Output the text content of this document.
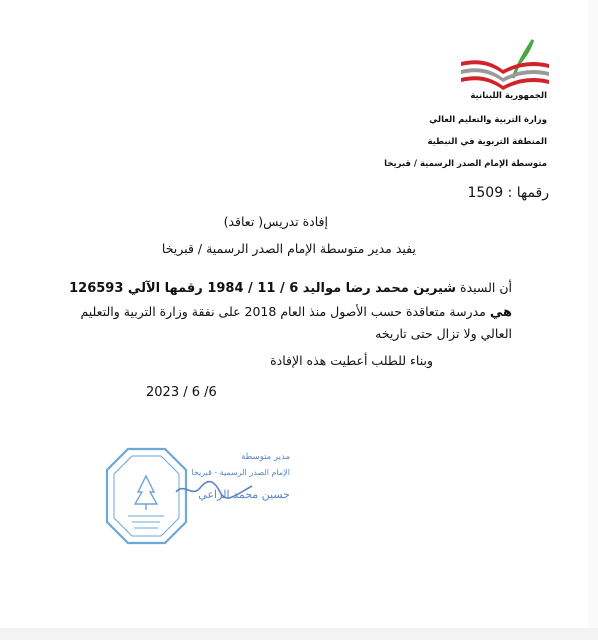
الجمهورية اللبنانية
وزارة التربية والتعليم العالي
المنطقة التربوية في النبطية
متوسطة الإمام الصدر الرسمية / قبريخا
رقمها : 1509
إفادة تدريس( تعاقد)
يفيد مدير متوسطة الإمام الصدر الرسمية / قبريخا
أن السيدة شيرين محمد رضا مواليد 6 / 11 / 1984 رقمها الآلي 126593
هي مدرسة متعاقدة حسب الأصول منذ العام 2018 على نفقة وزارة التربية والتعليم
العالي ولا تزال حتى تاريخه
وبناء للطلب أعطيت هذه الإفادة
2023 / 6 /6
مدير متوسطة
الإمام الصدر الرسمية - قبريخا
حسين محمد الزاعي
